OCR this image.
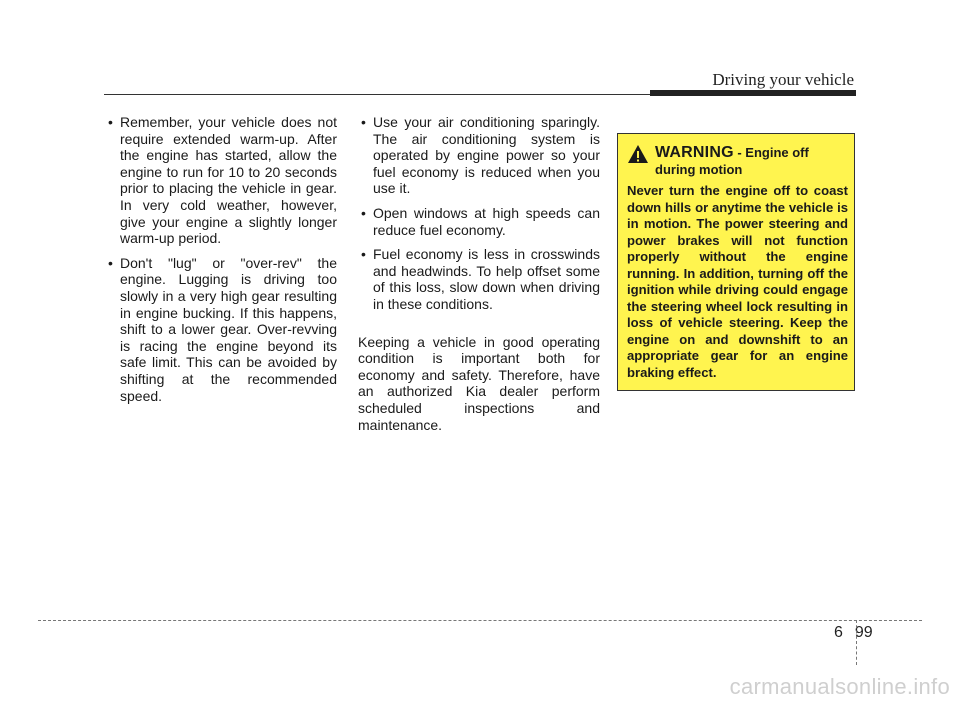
Driving your vehicle
• Remember, your vehicle does not require extended warm-up. After the engine has started, allow the engine to run for 10 to 20 seconds prior to placing the vehicle in gear. In very cold weather, however, give your engine a slightly longer warm-up period.
• Don't "lug" or "over-rev" the engine. Lugging is driving too slowly in a very high gear resulting in engine bucking. If this happens, shift to a lower gear. Over-revving is racing the engine beyond its safe limit. This can be avoided by shifting at the recommended speed.
• Use your air conditioning sparingly. The air conditioning system is operated by engine power so your fuel economy is reduced when you use it.
• Open windows at high speeds can reduce fuel economy.
• Fuel economy is less in crosswinds and headwinds. To help offset some of this loss, slow down when driving in these conditions.

Keeping a vehicle in good operating condition is important both for economy and safety. Therefore, have an authorized Kia dealer perform scheduled inspections and maintenance.

WARNING - Engine off
during motion

Never turn the engine off to coast down hills or anytime the vehicle is in motion. The power steering and power brakes will not function properly without the engine running. In addition, turning off the ignition while driving could engage the steering wheel lock resulting in loss of vehicle steering. Keep the engine on and downshift to an appropriate gear for an engine braking effect.

6 99
carmanualsonline.info
